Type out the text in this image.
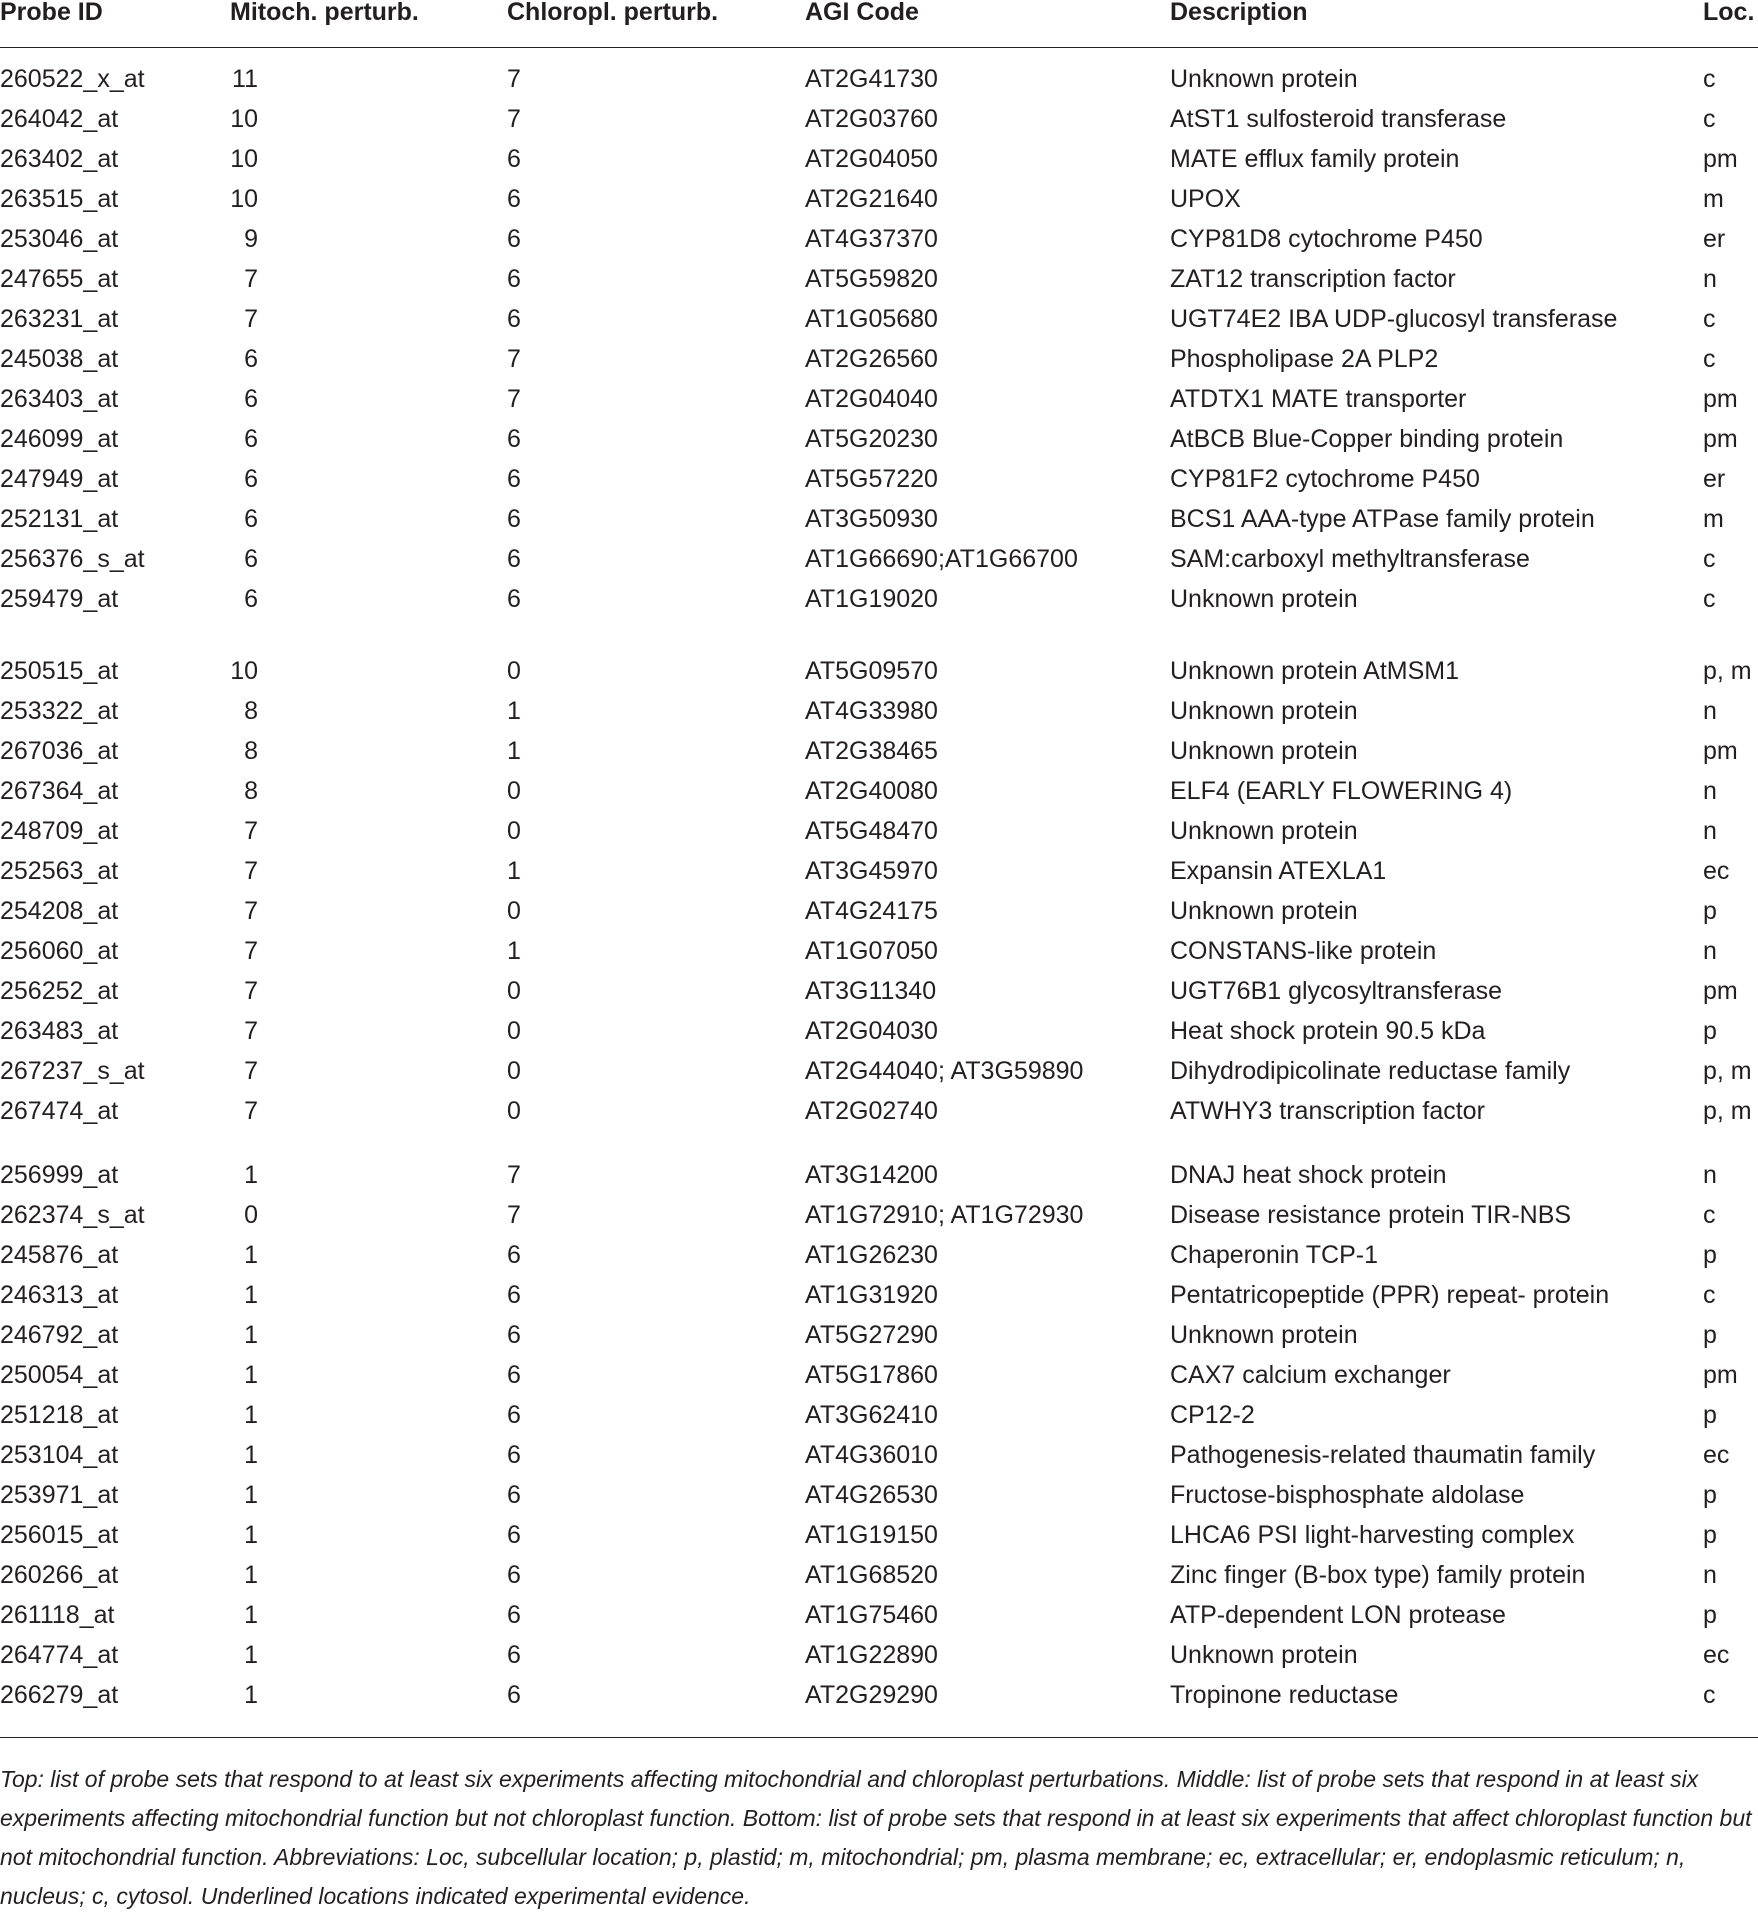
Probe ID	Mitoch. perturb.	Chloropl. perturb.	AGI Code	Description	Loc.
260522_x_at	11	7	AT2G41730	Unknown protein	c
264042_at	10	7	AT2G03760	AtST1 sulfosteroid transferase	c
263402_at	10	6	AT2G04050	MATE efflux family protein	pm
263515_at	10	6	AT2G21640	UPOX	m
253046_at	9	6	AT4G37370	CYP81D8 cytochrome P450	er
247655_at	7	6	AT5G59820	ZAT12 transcription factor	n
263231_at	7	6	AT1G05680	UGT74E2 IBA UDP-glucosyl transferase	c
245038_at	6	7	AT2G26560	Phospholipase 2A PLP2	c
263403_at	6	7	AT2G04040	ATDTX1 MATE transporter	pm
246099_at	6	6	AT5G20230	AtBCB Blue-Copper binding protein	pm
247949_at	6	6	AT5G57220	CYP81F2 cytochrome P450	er
252131_at	6	6	AT3G50930	BCS1 AAA-type ATPase family protein	m
256376_s_at	6	6	AT1G66690;AT1G66700	SAM:carboxyl methyltransferase	c
259479_at	6	6	AT1G19020	Unknown protein	c
250515_at	10	0	AT5G09570	Unknown protein AtMSM1	p, m
253322_at	8	1	AT4G33980	Unknown protein	n
267036_at	8	1	AT2G38465	Unknown protein	pm
267364_at	8	0	AT2G40080	ELF4 (EARLY FLOWERING 4)	n
248709_at	7	0	AT5G48470	Unknown protein	n
252563_at	7	1	AT3G45970	Expansin ATEXLA1	ec
254208_at	7	0	AT4G24175	Unknown protein	p
256060_at	7	1	AT1G07050	CONSTANS-like protein	n
256252_at	7	0	AT3G11340	UGT76B1 glycosyltransferase	pm
263483_at	7	0	AT2G04030	Heat shock protein 90.5 kDa	p
267237_s_at	7	0	AT2G44040; AT3G59890	Dihydrodipicolinate reductase family	p, m
267474_at	7	0	AT2G02740	ATWHY3 transcription factor	p, m
256999_at	1	7	AT3G14200	DNAJ heat shock protein	n
262374_s_at	0	7	AT1G72910; AT1G72930	Disease resistance protein TIR-NBS	c
245876_at	1	6	AT1G26230	Chaperonin TCP-1	p
246313_at	1	6	AT1G31920	Pentatricopeptide (PPR) repeat- protein	c
246792_at	1	6	AT5G27290	Unknown protein	p
250054_at	1	6	AT5G17860	CAX7 calcium exchanger	pm
251218_at	1	6	AT3G62410	CP12-2	p
253104_at	1	6	AT4G36010	Pathogenesis-related thaumatin family	ec
253971_at	1	6	AT4G26530	Fructose-bisphosphate aldolase	p
256015_at	1	6	AT1G19150	LHCA6 PSI light-harvesting complex	p
260266_at	1	6	AT1G68520	Zinc finger (B-box type) family protein	n
261118_at	1	6	AT1G75460	ATP-dependent LON protease	p
264774_at	1	6	AT1G22890	Unknown protein	ec
266279_at	1	6	AT2G29290	Tropinone reductase	c
Top: list of probe sets that respond to at least six experiments affecting mitochondrial and chloroplast perturbations. Middle: list of probe sets that respond in at least six experiments affecting mitochondrial function but not chloroplast function. Bottom: list of probe sets that respond in at least six experiments that affect chloroplast function but not mitochondrial function. Abbreviations: Loc, subcellular location; p, plastid; m, mitochondrial; pm, plasma membrane; ec, extracellular; er, endoplasmic reticulum; n, nucleus; c, cytosol. Underlined locations indicated experimental evidence.
